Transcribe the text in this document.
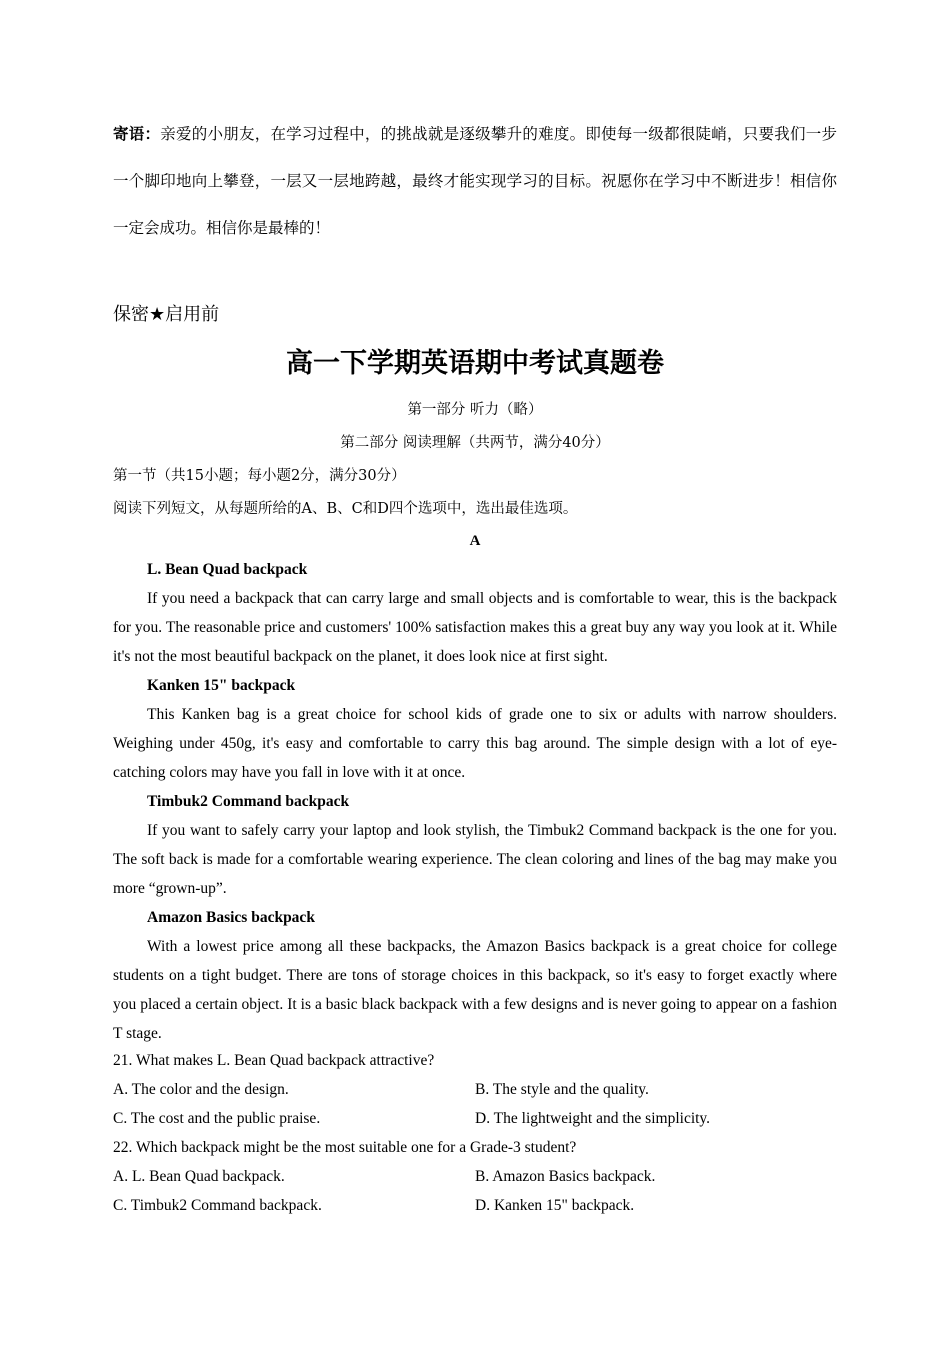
寄语：亲爱的小朋友，在学习过程中，的挑战就是逐级攀升的难度。即使每一级都很陡峭，只要我们一步一个脚印地向上攀登，一层又一层地跨越，最终才能实现学习的目标。祝愿你在学习中不断进步！相信你一定会成功。相信你是最棒的！
保密★启用前
高一下学期英语期中考试真题卷
第一部分 听力（略）
第二部分 阅读理解（共两节，满分40分）
第一节（共15小题；每小题2分，满分30分）
阅读下列短文，从每题所给的A、B、C和D四个选项中，选出最佳选项。
A
L. Bean Quad backpack
If you need a backpack that can carry large and small objects and is comfortable to wear, this is the backpack for you. The reasonable price and customers' 100% satisfaction makes this a great buy any way you look at it. While it's not the most beautiful backpack on the planet, it does look nice at first sight.
Kanken 15" backpack
This Kanken bag is a great choice for school kids of grade one to six or adults with narrow shoulders. Weighing under 450g, it's easy and comfortable to carry this bag around. The simple design with a lot of eye-catching colors may have you fall in love with it at once.
Timbuk2 Command backpack
If you want to safely carry your laptop and look stylish, the Timbuk2 Command backpack is the one for you. The soft back is made for a comfortable wearing experience. The clean coloring and lines of the bag may make you more “grown-up”.
Amazon Basics backpack
With a lowest price among all these backpacks, the Amazon Basics backpack is a great choice for college students on a tight budget. There are tons of storage choices in this backpack, so it's easy to forget exactly where you placed a certain object. It is a basic black backpack with a few designs and is never going to appear on a fashion T stage.
21. What makes L. Bean Quad backpack attractive?
A. The color and the design.	B. The style and the quality.
C. The cost and the public praise.	D. The lightweight and the simplicity.
22. Which backpack might be the most suitable one for a Grade-3 student?
A. L. Bean Quad backpack.	B. Amazon Basics backpack.
C. Timbuk2 Command backpack.	D. Kanken 15" backpack.
